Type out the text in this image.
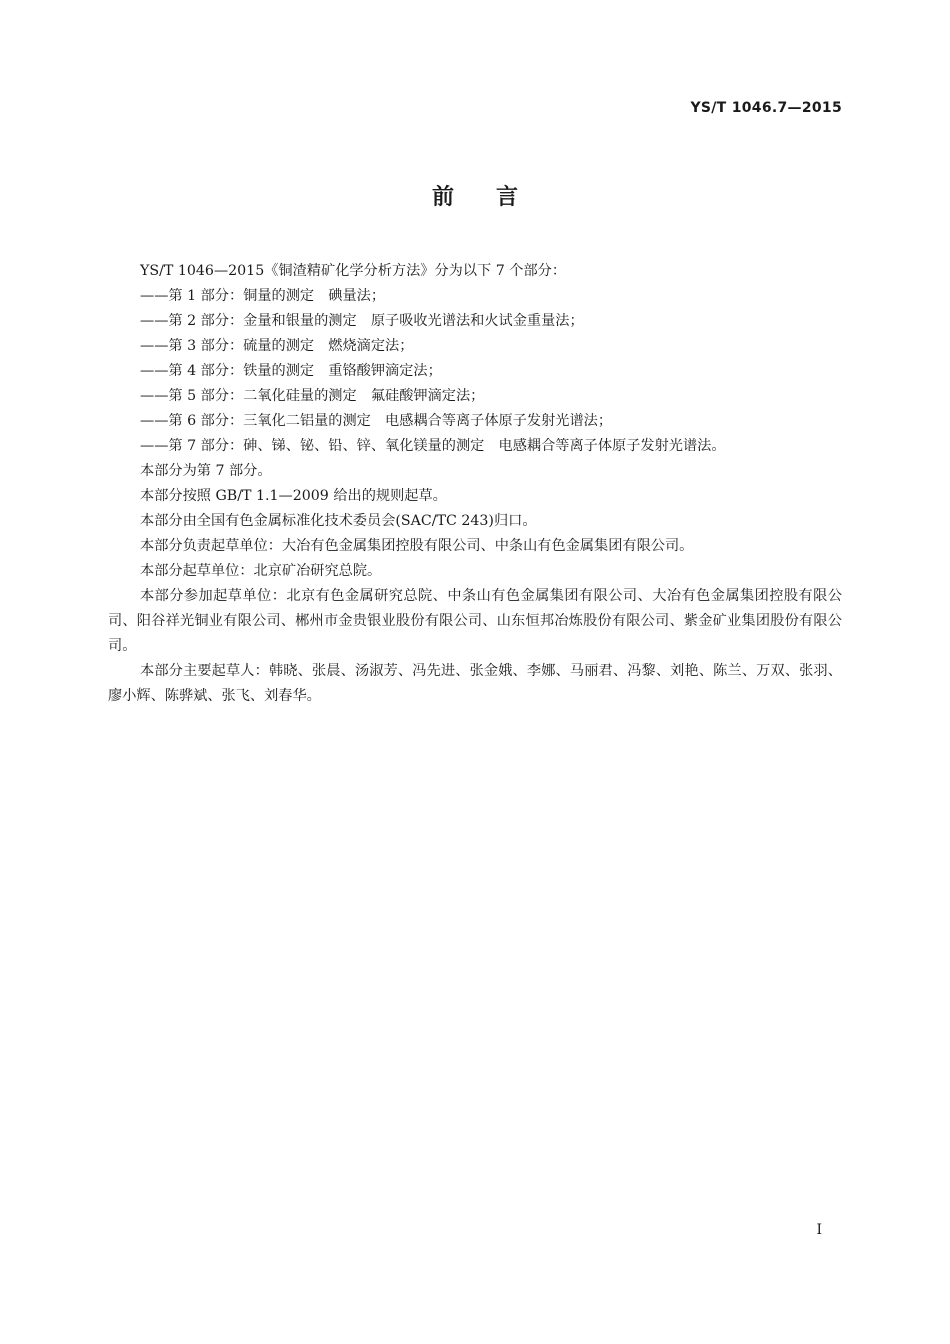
YS/T 1046.7—2015
前言

YS/T 1046—2015《铜渣精矿化学分析方法》分为以下 7 个部分：

——第 1 部分：铜量的测定　碘量法；

——第 2 部分：金量和银量的测定　原子吸收光谱法和火试金重量法；

——第 3 部分：硫量的测定　燃烧滴定法；

——第 4 部分：铁量的测定　重铬酸钾滴定法；

——第 5 部分：二氧化硅量的测定　氟硅酸钾滴定法；

——第 6 部分：三氧化二铝量的测定　电感耦合等离子体原子发射光谱法；

——第 7 部分：砷、锑、铋、铅、锌、氧化镁量的测定　电感耦合等离子体原子发射光谱法。

本部分为第 7 部分。

本部分按照 GB/T 1.1—2009 给出的规则起草。

本部分由全国有色金属标准化技术委员会(SAC/TC 243)归口。

本部分负责起草单位：大冶有色金属集团控股有限公司、中条山有色金属集团有限公司。

本部分起草单位：北京矿冶研究总院。

本部分参加起草单位：北京有色金属研究总院、中条山有色金属集团有限公司、大冶有色金属集团控股有限公司、阳谷祥光铜业有限公司、郴州市金贵银业股份有限公司、山东恒邦冶炼股份有限公司、紫金矿业集团股份有限公司。

本部分主要起草人：韩晓、张晨、汤淑芳、冯先进、张金娥、李娜、马丽君、冯黎、刘艳、陈兰、万双、张羽、廖小辉、陈骅斌、张飞、刘春华。

I
